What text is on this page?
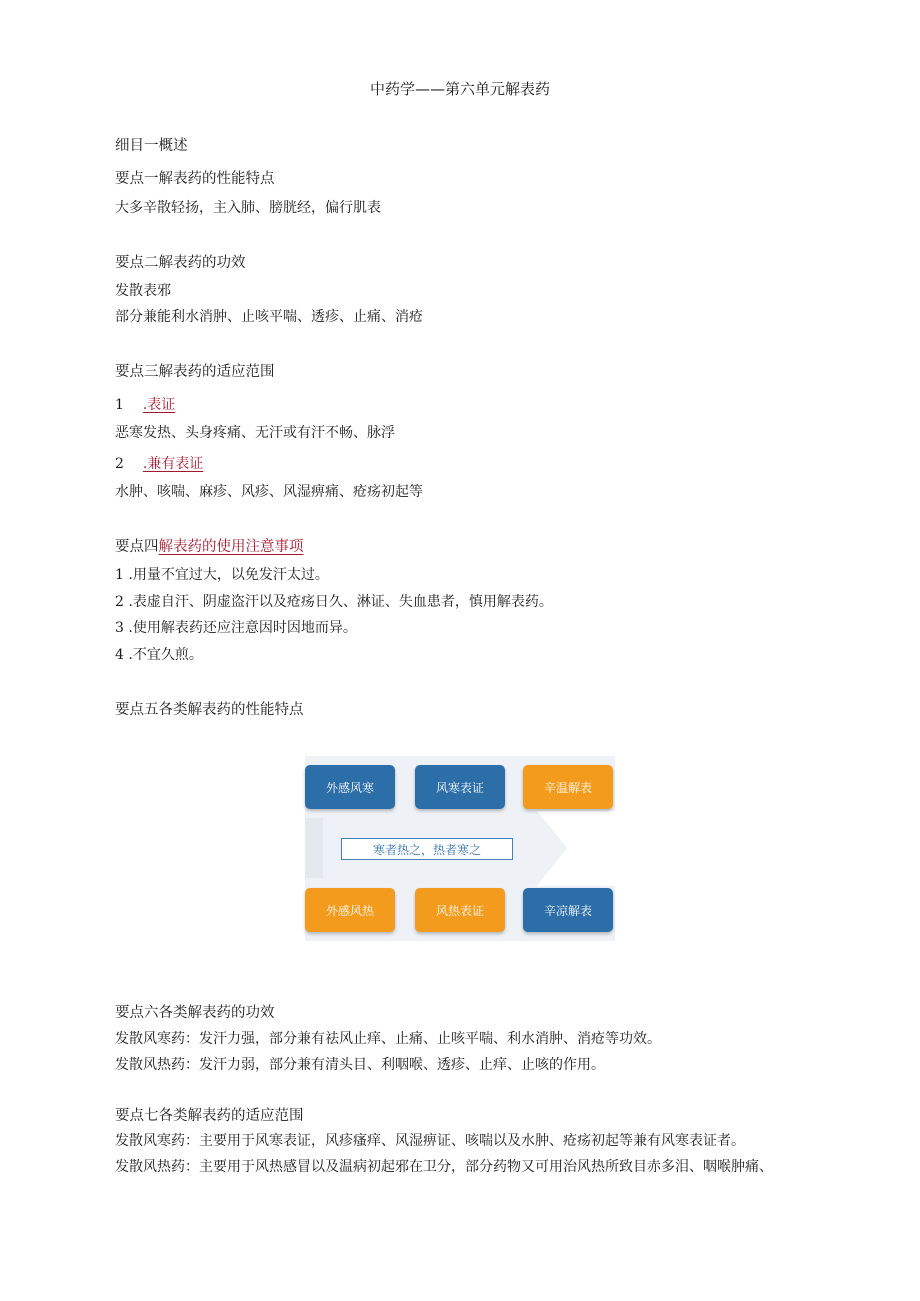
中药学——第六单元解表药
细目一概述
要点一解表药的性能特点
大多辛散轻扬，主入肺、膀胱经，偏行肌表
要点二解表药的功效
发散表邪
部分兼能利水消肿、止咳平喘、透疹、止痛、消疮
要点三解表药的适应范围
1 .表证
恶寒发热、头身疼痛、无汗或有汗不畅、脉浮
2 .兼有表证
水肿、咳喘、麻疹、风疹、风湿痹痛、疮疡初起等
要点四解表药的使用注意事项
1 .用量不宜过大，以免发汗太过。
2 .表虚自汗、阴虚盗汗以及疮疡日久、淋证、失血患者，慎用解表药。
3 .使用解表药还应注意因时因地而异。
4 .不宜久煎。
要点五各类解表药的性能特点
外感风寒	风寒表证	辛温解表
寒者热之，热者寒之
外感风热	风热表证	辛凉解表
要点六各类解表药的功效
发散风寒药：发汗力强，部分兼有祛风止痒、止痛、止咳平喘、利水消肿、消疮等功效。
发散风热药：发汗力弱，部分兼有清头目、利咽喉、透疹、止痒、止咳的作用。
要点七各类解表药的适应范围
发散风寒药：主要用于风寒表证，风疹瘙痒、风湿痹证、咳喘以及水肿、疮疡初起等兼有风寒表证者。
发散风热药：主要用于风热感冒以及温病初起邪在卫分，部分药物又可用治风热所致目赤多泪、咽喉肿痛、
